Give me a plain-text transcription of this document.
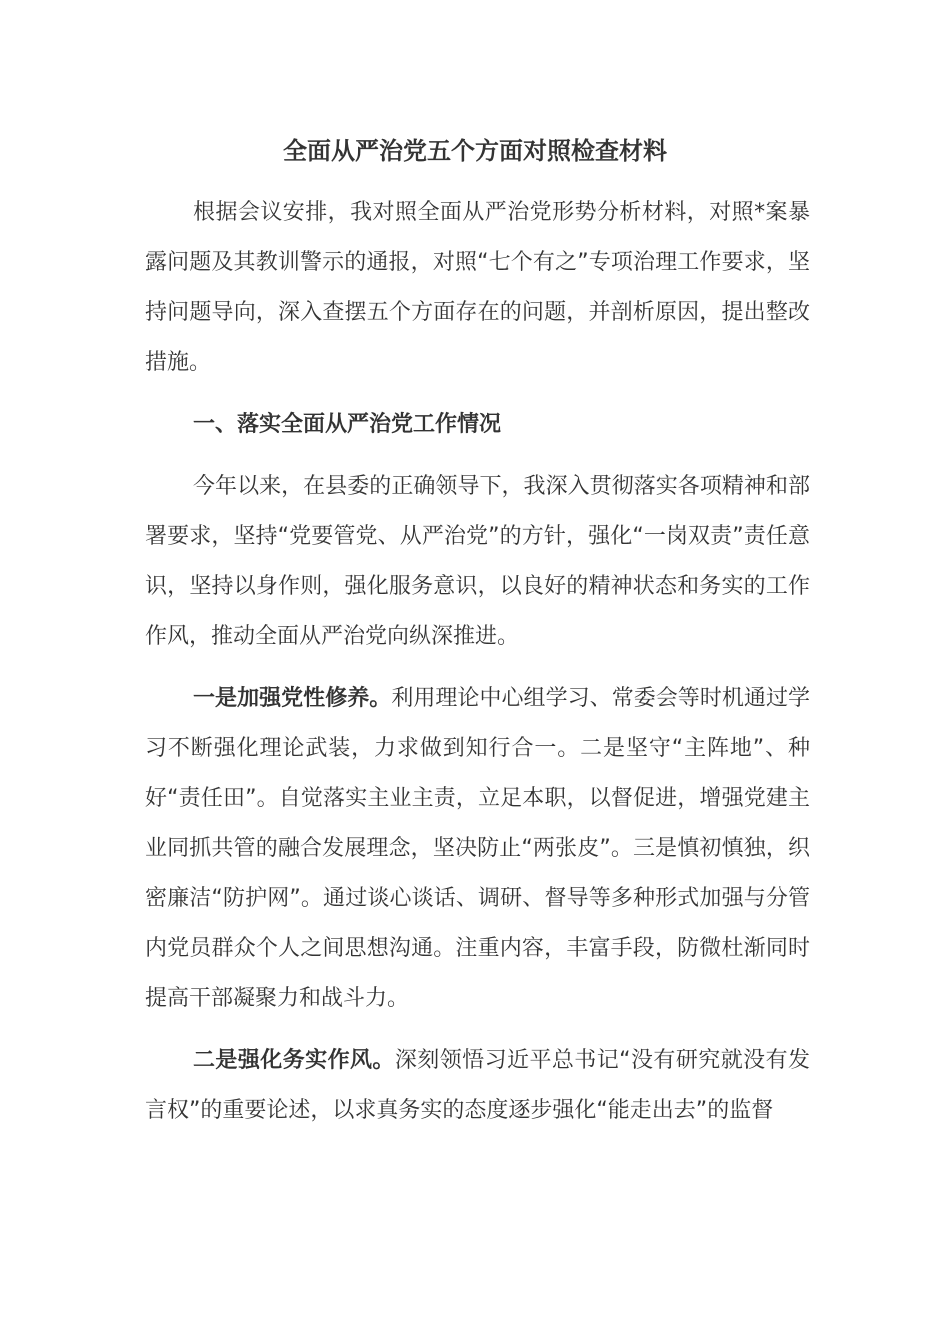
全面从严治党五个方面对照检查材料

根据会议安排，我对照全面从严治党形势分析材料，对照*案暴露问题及其教训警示的通报，对照“七个有之”专项治理工作要求，坚持问题导向，深入查摆五个方面存在的问题，并剖析原因，提出整改措施。

一、落实全面从严治党工作情况

今年以来，在县委的正确领导下，我深入贯彻落实各项精神和部署要求，坚持“党要管党、从严治党”的方针，强化“一岗双责”责任意识，坚持以身作则，强化服务意识，以良好的精神状态和务实的工作作风，推动全面从严治党向纵深推进。

一是加强党性修养。利用理论中心组学习、常委会等时机通过学习不断强化理论武装，力求做到知行合一。二是坚守“主阵地”、种好“责任田”。自觉落实主业主责，立足本职，以督促进，增强党建主业同抓共管的融合发展理念，坚决防止“两张皮”。三是慎初慎独，织密廉洁“防护网”。通过谈心谈话、调研、督导等多种形式加强与分管内党员群众个人之间思想沟通。注重内容，丰富手段，防微杜渐同时提高干部凝聚力和战斗力。

二是强化务实作风。深刻领悟习近平总书记“没有研究就没有发言权”的重要论述，以求真务实的态度逐步强化“能走出去”的监督
